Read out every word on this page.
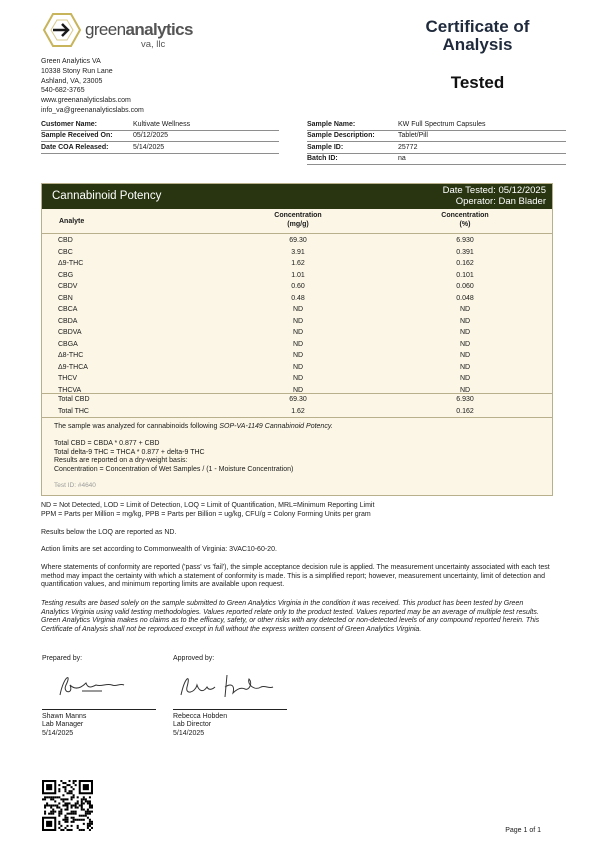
greenanalytics
va, llc
Certificate of
Analysis
Tested
Green Analytics VA
10338 Stony Run Lane
Ashland, VA, 23005
540-682-3765
www.greenanalyticslabs.com
info_va@greenanalyticslabs.com
Customer Name:	Kultivate Wellness
Sample Received On:	05/12/2025
Date COA Released:	5/14/2025
Sample Name:	KW Full Spectrum Capsules
Sample Description:	Tablet/Pill
Sample ID:	25772
Batch ID:	na
Cannabinoid Potency	Date Tested: 05/12/2025
Operator: Dan Blader
Analyte
Concentration
(mg/g)
Concentration
(%)
CBD	69.30	6.930
CBC	3.91	0.391
Δ9-THC	1.62	0.162
CBG	1.01	0.101
CBDV	0.60	0.060
CBN	0.48	0.048
CBCA	ND	ND
CBDA	ND	ND
CBDVA	ND	ND
CBGA	ND	ND
Δ8-THC	ND	ND
Δ9-THCA	ND	ND
THCV	ND	ND
THCVA	ND	ND
Total CBD	69.30	6.930
Total THC	1.62	0.162
The sample was analyzed for cannabinoids following SOP-VA-1149 Cannabinoid Potency.
Total CBD = CBDA * 0.877 + CBD
Total delta-9 THC = THCA * 0.877 + delta-9 THC
Results are reported on a dry-weight basis:
Concentration = Concentration of Wet Samples / (1 - Moisture Concentration)
Test ID: #4640
ND = Not Detected, LOD = Limit of Detection, LOQ = Limit of Quantification, MRL=Minimum Reporting Limit
PPM = Parts per Million = mg/kg, PPB = Parts per Billion = ug/kg, CFU/g = Colony Forming Units per gram
Results below the LOQ are reported as ND.
Action limits are set according to Commonwealth of Virginia: 3VAC10-60-20.
Where statements of conformity are reported ('pass' vs 'fail'), the simple acceptance decision rule is applied. The measurement uncertainty associated with each test method may impact the certainty with which a statement of conformity is made. This is a simplified report; however, measurement uncertainty, limit of detection and quantification values, and minimum reporting limits are available upon request.
Testing results are based solely on the sample submitted to Green Analytics Virginia in the condition it was received. This product has been tested by Green Analytics Virginia using valid testing methodologies. Values reported relate only to the product tested. Values reported may be an average of multiple test results. Green Analytics Virginia makes no claims as to the efficacy, safety, or other risks with any detected or non-detected levels of any compound reported herein. This Certificate of Analysis shall not be reproduced except in full without the express written consent of Green Analytics Virginia.
Prepared by:
Shawn Manns
Lab Manager
5/14/2025
Approved by:
Rebecca Hobden
Lab Director
5/14/2025
Page 1 of 1
